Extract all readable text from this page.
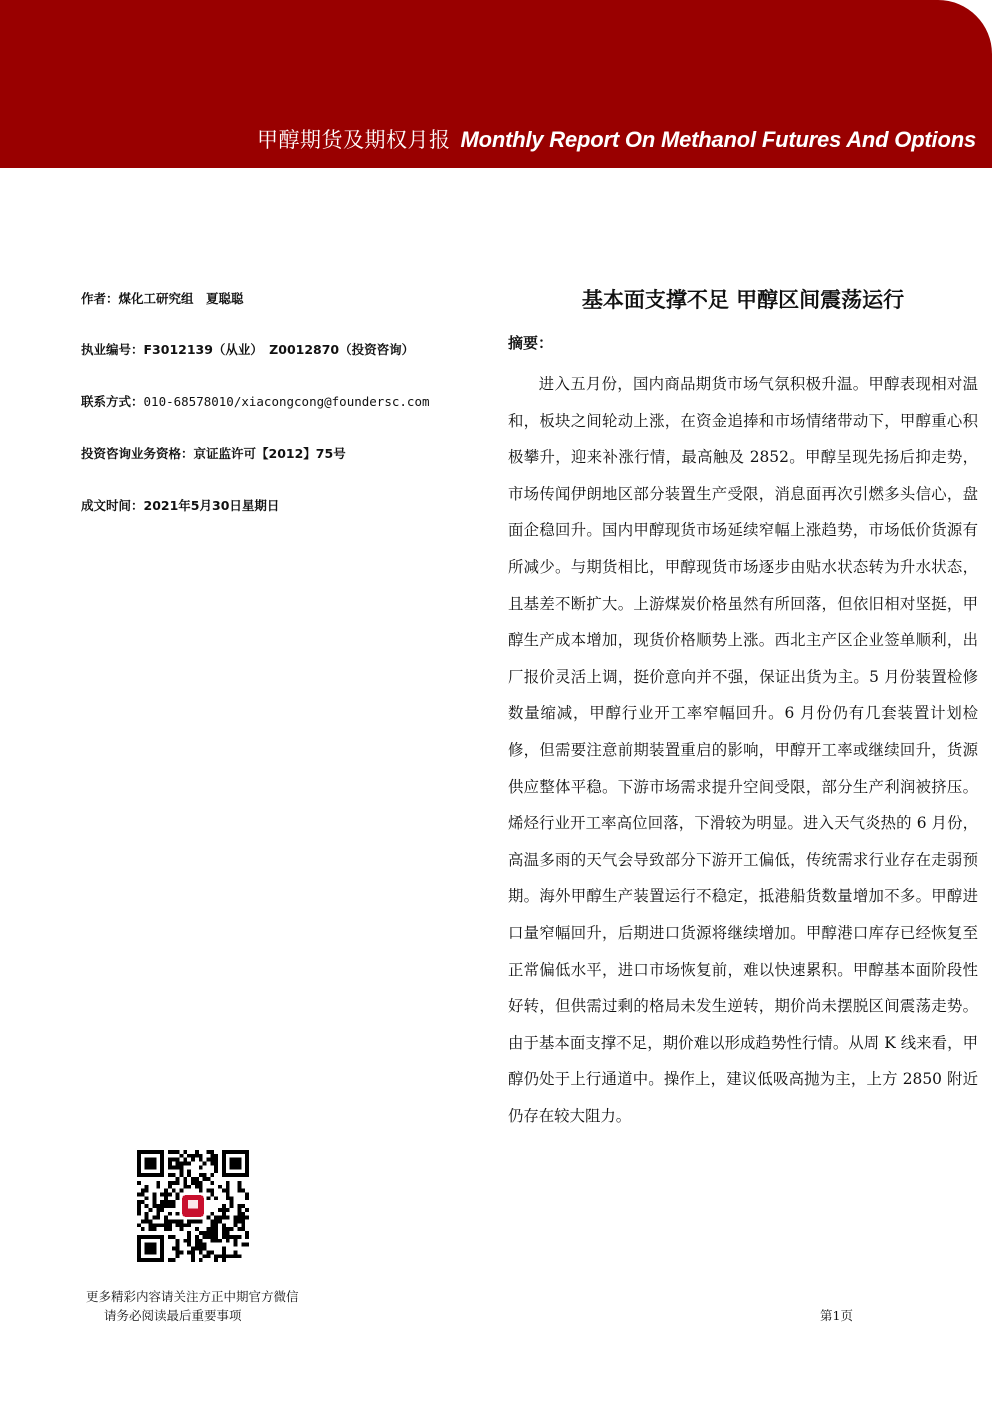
甲醇期货及期权月报 Monthly Report On Methanol Futures And Options
作者：煤化工研究组　夏聪聪
执业编号：F3012139（从业）　Z0012870（投资咨询）
联系方式：010-68578010/xiacongcong@foundersc.com
投资咨询业务资格：京证监许可【2012】75号
成文时间：2021年5月30日星期日
基本面支撑不足 甲醇区间震荡运行
摘要：
进入五月份，国内商品期货市场气氛积极升温。甲醇表现相对温和，板块之间轮动上涨，在资金追捧和市场情绪带动下，甲醇重心积极攀升，迎来补涨行情，最高触及 2852。甲醇呈现先扬后抑走势，市场传闻伊朗地区部分装置生产受限，消息面再次引燃多头信心，盘面企稳回升。国内甲醇现货市场延续窄幅上涨趋势，市场低价货源有所减少。与期货相比，甲醇现货市场逐步由贴水状态转为升水状态，且基差不断扩大。上游煤炭价格虽然有所回落，但依旧相对坚挺，甲醇生产成本增加，现货价格顺势上涨。西北主产区企业签单顺利，出厂报价灵活上调，挺价意向并不强，保证出货为主。5 月份装置检修数量缩减，甲醇行业开工率窄幅回升。6 月份仍有几套装置计划检修，但需要注意前期装置重启的影响，甲醇开工率或继续回升，货源供应整体平稳。下游市场需求提升空间受限，部分生产利润被挤压。烯烃行业开工率高位回落，下滑较为明显。进入天气炎热的 6 月份，高温多雨的天气会导致部分下游开工偏低，传统需求行业存在走弱预期。海外甲醇生产装置运行不稳定，抵港船货数量增加不多。甲醇进口量窄幅回升，后期进口货源将继续增加。甲醇港口库存已经恢复至正常偏低水平，进口市场恢复前，难以快速累积。甲醇基本面阶段性好转，但供需过剩的格局未发生逆转，期价尚未摆脱区间震荡走势。由于基本面支撑不足，期价难以形成趋势性行情。从周 K 线来看，甲醇仍处于上行通道中。操作上，建议低吸高抛为主，上方 2850 附近仍存在较大阻力。
更多精彩内容请关注方正中期官方微信
请务必阅读最后重要事项	第1页
